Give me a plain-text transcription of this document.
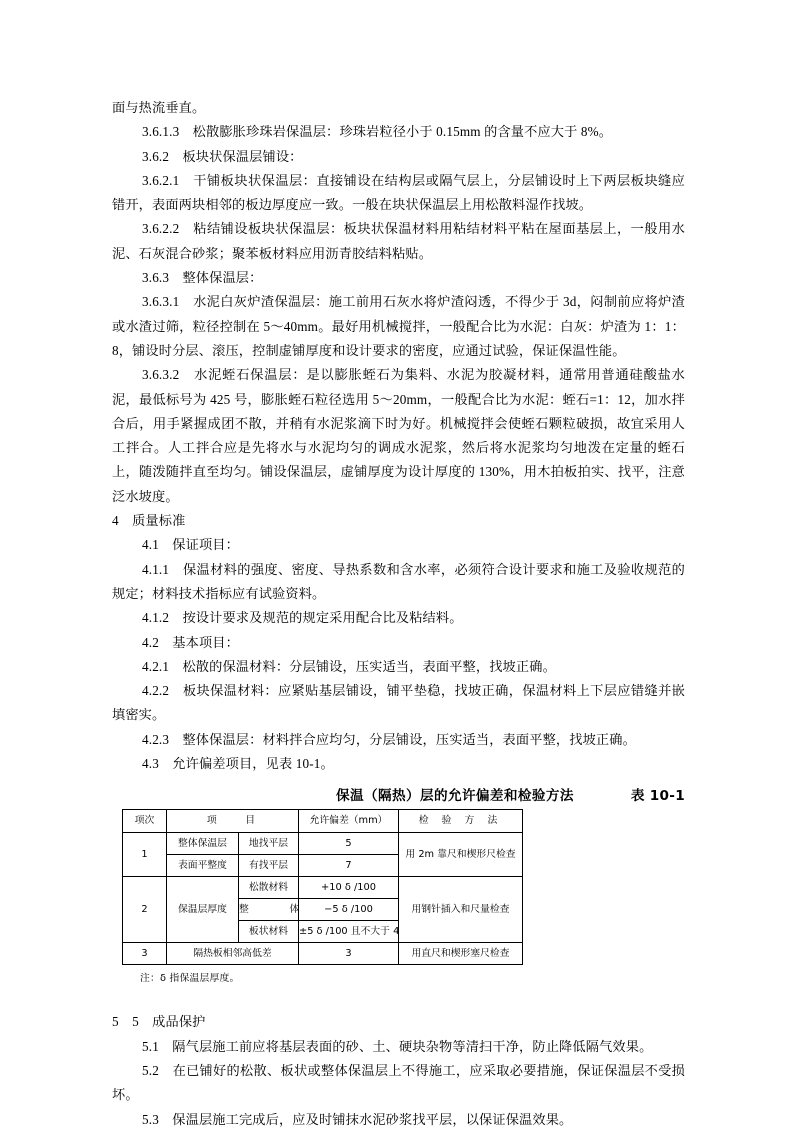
面与热流垂直。

3.6.1.3　松散膨胀珍珠岩保温层：珍珠岩粒径小于 0.15mm 的含量不应大于 8%。

3.6.2　板块状保温层铺设：

3.6.2.1　干铺板块状保温层：直接铺设在结构层或隔气层上，分层铺设时上下两层板块缝应错开，表面两块相邻的板边厚度应一致。一般在块状保温层上用松散料湿作找坡。

3.6.2.2　粘结铺设板块状保温层：板块状保温材料用粘结材料平粘在屋面基层上，一般用水泥、石灰混合砂浆；聚苯板材料应用沥青胶结料粘贴。

3.6.3　整体保温层：

3.6.3.1　水泥白灰炉渣保温层：施工前用石灰水将炉渣闷透，不得少于 3d，闷制前应将炉渣或水渣过筛，粒径控制在 5～40mm。最好用机械搅拌，一般配合比为水泥：白灰：炉渣为 1：1：8，铺设时分层、滚压，控制虚铺厚度和设计要求的密度，应通过试验，保证保温性能。

3.6.3.2　水泥蛭石保温层：是以膨胀蛭石为集料、水泥为胶凝材料，通常用普通硅酸盐水泥，最低标号为 425 号，膨胀蛭石粒径选用 5～20mm，一般配合比为水泥：蛭石=1：12，加水拌合后，用手紧握成团不散，并稍有水泥浆滴下时为好。机械搅拌会使蛭石颗粒破损，故宜采用人工拌合。人工拌合应是先将水与水泥均匀的调成水泥浆，然后将水泥浆均匀地泼在定量的蛭石上，随泼随拌直至均匀。铺设保温层，虚铺厚度为设计厚度的 130%，用木拍板拍实、找平，注意泛水坡度。

4　质量标准

4.1　保证项目：

4.1.1　保温材料的强度、密度、导热系数和含水率，必须符合设计要求和施工及验收规范的规定；材料技术指标应有试验资料。

4.1.2　按设计要求及规范的规定采用配合比及粘结料。

4.2　基本项目：

4.2.1　松散的保温材料：分层铺设，压实适当，表面平整，找坡正确。

4.2.2　板块保温材料：应紧贴基层铺设，铺平垫稳，找坡正确，保温材料上下层应错缝并嵌填密实。

4.2.3　整体保温层：材料拌合应均匀，分层铺设，压实适当，表面平整，找坡正确。

4.3　允许偏差项目，见表 10-1。

保温（隔热）层的允许偏差和检验方法	表 10-1
项次	项　　目		允许偏差（mm）	检 验 方 法
1	整体保温层	地找平层	5	用 2m 靠尺和楔形尺检查
	表面平整度	有找平层	7	
2	保温层厚度	松散材料	+10 δ /100	用钢针插入和尺量检查
		整　　体	−5 δ /100	
		板状材料	±5 δ /100 且不大于 4	
3	隔热板相邻高低差		3	用直尺和楔形塞尺检查
注：δ 指保温层厚度。

5　5　成品保护

5.1　隔气层施工前应将基层表面的砂、土、硬块杂物等清扫干净，防止降低隔气效果。

5.2　在已铺好的松散、板状或整体保温层上不得施工，应采取必要措施，保证保温层不受损坏。

5.3　保温层施工完成后，应及时铺抹水泥砂浆找平层，以保证保温效果。
